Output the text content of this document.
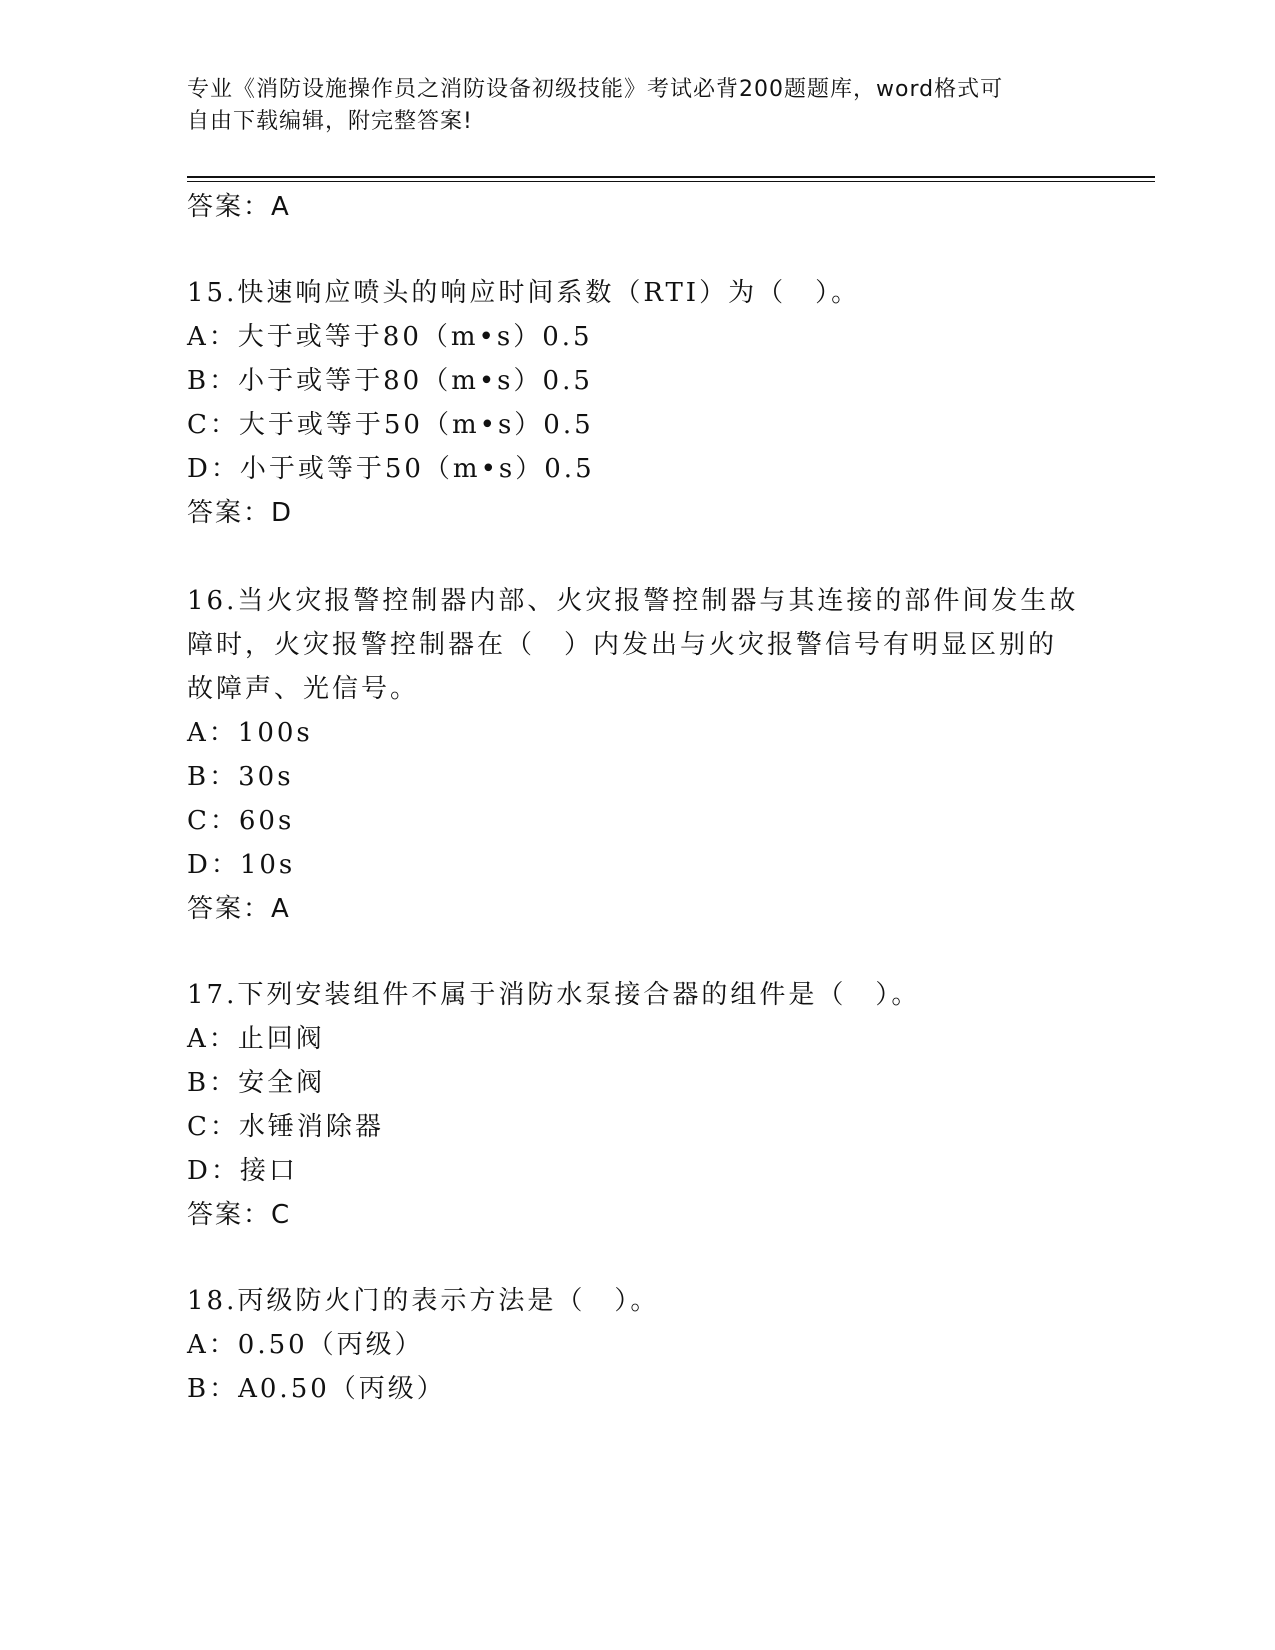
专业《消防设施操作员之消防设备初级技能》考试必背200题题库，word格式可
自由下载编辑，附完整答案!
答案：A
15.快速响应喷头的响应时间系数（RTI）为（　）。
A：大于或等于80（m•s）0.5
B：小于或等于80（m•s）0.5
C：大于或等于50（m•s）0.5
D：小于或等于50（m•s）0.5
答案：D
16.当火灾报警控制器内部、火灾报警控制器与其连接的部件间发生故
障时，火灾报警控制器在（　）内发出与火灾报警信号有明显区别的
故障声、光信号。
A：100s
B：30s
C：60s
D：10s
答案：A
17.下列安装组件不属于消防水泵接合器的组件是（　）。
A：止回阀
B：安全阀
C：水锤消除器
D：接口
答案：C
18.丙级防火门的表示方法是（　）。
A：0.50（丙级）
B：A0.50（丙级）
